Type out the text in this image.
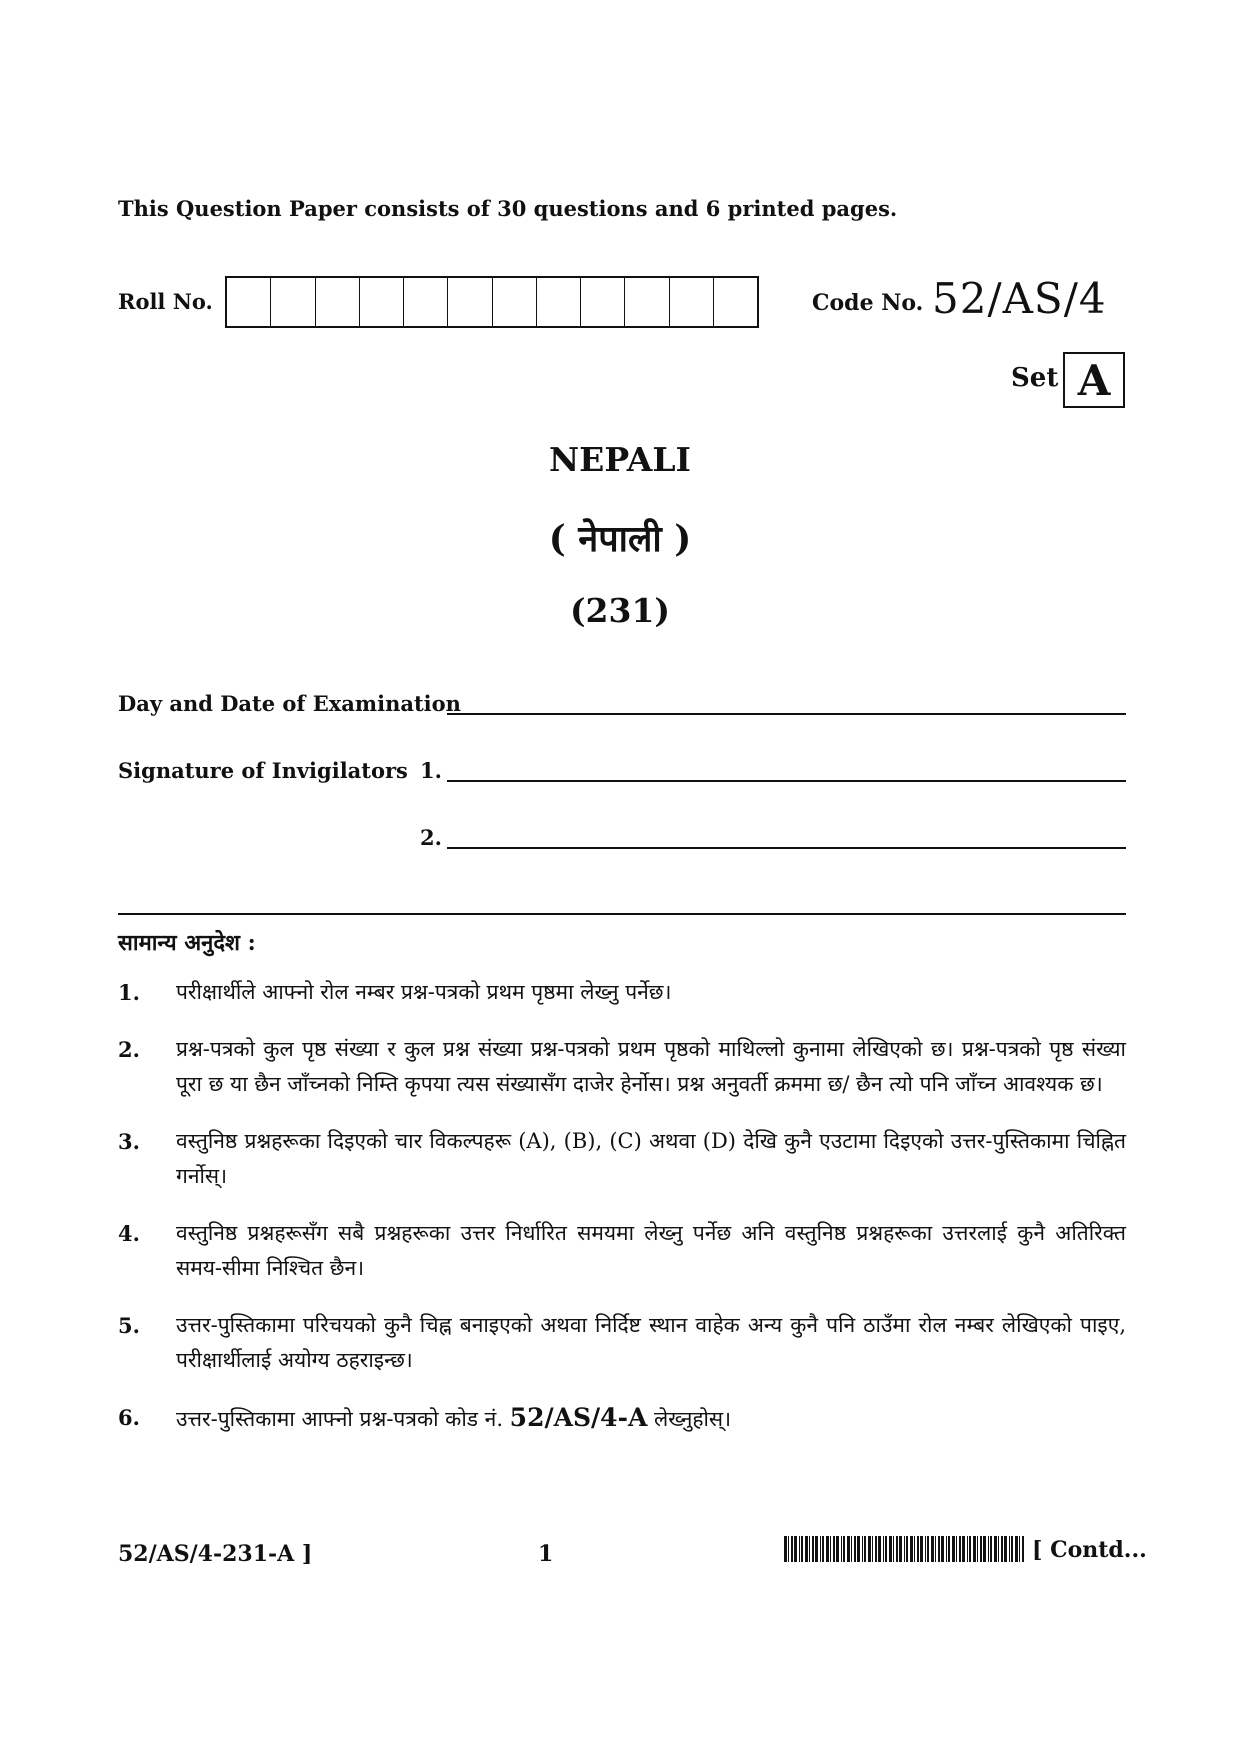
This Question Paper consists of 30 questions and 6 printed pages.
Roll No.	Code No. 52/AS/4
Set A
NEPALI
( नेपाली )
(231)
Day and Date of Examination
Signature of Invigilators 1.
2.
सामान्य अनुदेश :
1.	परीक्षार्थीले आफ्नो रोल नम्बर प्रश्न-पत्रको प्रथम पृष्ठमा लेख्नु पर्नेछ।
2.	प्रश्न-पत्रको कुल पृष्ठ संख्या र कुल प्रश्न संख्या प्रश्न-पत्रको प्रथम पृष्ठको माथिल्लो कुनामा लेखिएको छ। प्रश्न-पत्रको पृष्ठ संख्या पूरा छ या छैन जाँच्नको निम्ति कृपया त्यस संख्यासँग दाजेर हेर्नोस। प्रश्न अनुवर्ती क्रममा छ/ छैन त्यो पनि जाँच्न आवश्यक छ।
3.	वस्तुनिष्ठ प्रश्नहरूका दिइएको चार विकल्पहरू (A), (B), (C) अथवा (D) देखि कुनै एउटामा दिइएको उत्तर-पुस्तिकामा चिह्नित गर्नोस्।
4.	वस्तुनिष्ठ प्रश्नहरूसँग सबै प्रश्नहरूका उत्तर निर्धारित समयमा लेख्नु पर्नेछ अनि वस्तुनिष्ठ प्रश्नहरूका उत्तरलाई कुनै अतिरिक्त समय-सीमा निश्चित छैन।
5.	उत्तर-पुस्तिकामा परिचयको कुनै चिह्न बनाइएको अथवा निर्दिष्ट स्थान वाहेक अन्य कुनै पनि ठाउँमा रोल नम्बर लेखिएको पाइए, परीक्षार्थीलाई अयोग्य ठहराइन्छ।
6.	उत्तर-पुस्तिकामा आफ्नो प्रश्न-पत्रको कोड नं. 52/AS/4-A लेख्नुहोस्।
52/AS/4-231-A ]	1	[ Contd...
